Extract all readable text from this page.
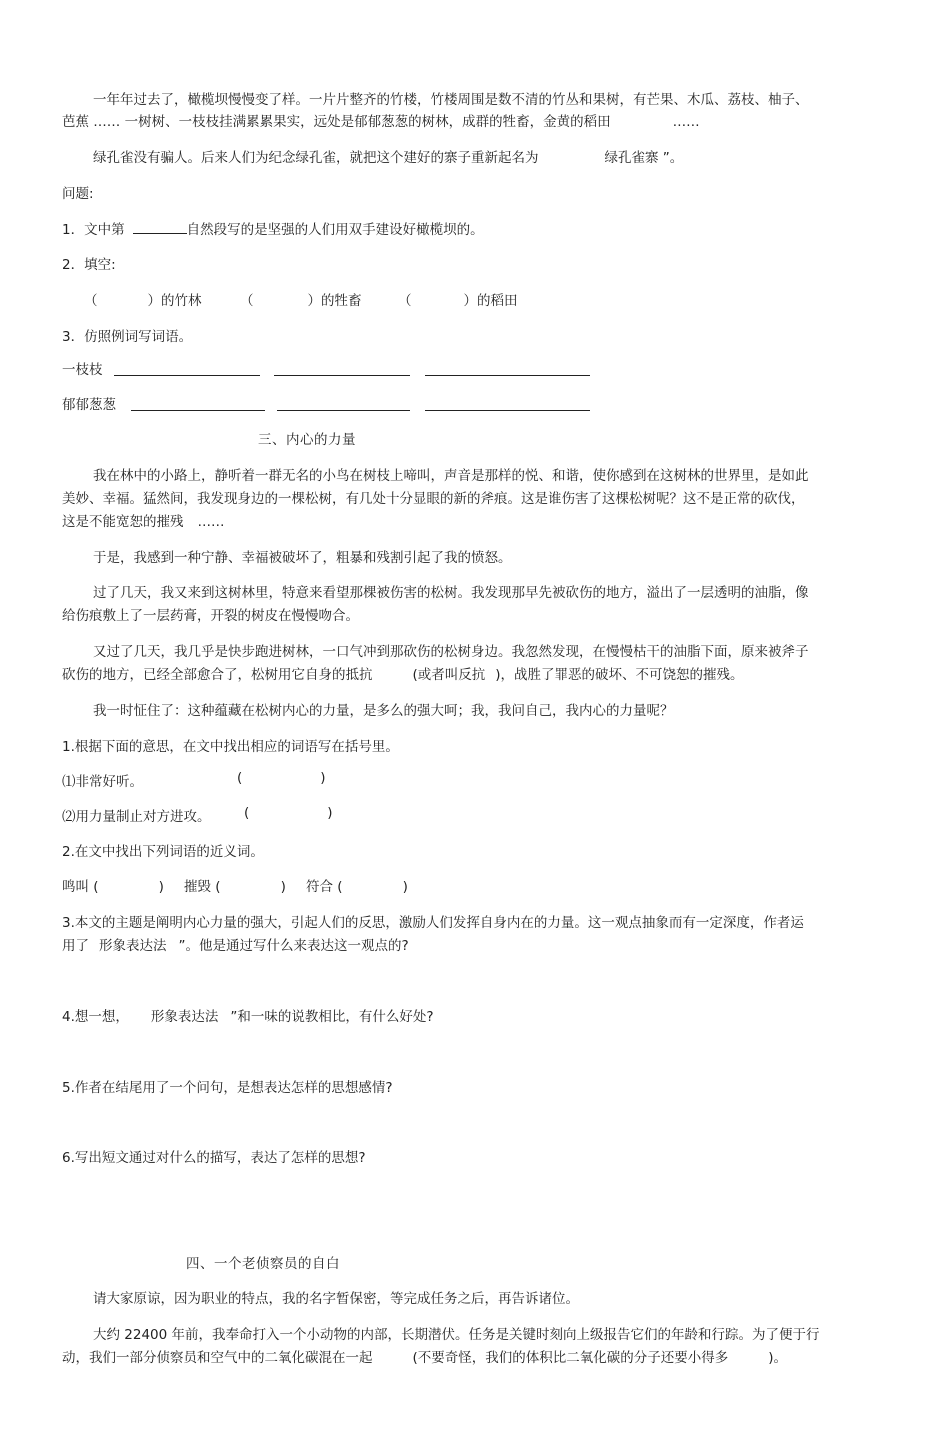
一年年过去了，橄榄坝慢慢变了样。一片片整齐的竹楼，竹楼周围是数不清的竹丛和果树，有芒果、木瓜、荔枝、柚子、
芭蕉 …… 一树树、一枝枝挂满累累果实，远处是郁郁葱葱的树林，成群的牲畜，金黄的稻田	……
绿孔雀没有骗人。后来人们为纪念绿孔雀，就把这个建好的寨子重新起名为	绿孔雀寨 ”。
问题:
1．文中第	自然段写的是坚强的人们用双手建设好橄榄坝的。
2．填空:
（	）的竹林	（	）的牲畜	（	）的稻田
3．仿照例词写词语。
一枝枝
郁郁葱葱
三、内心的力量
我在林中的小路上，静听着一群无名的小鸟在树枝上啼叫，声音是那样的悦、和谐，使你感到在这树林的世界里，是如此
美妙、幸福。猛然间，我发现身边的一棵松树，有几处十分显眼的新的斧痕。这是谁伤害了这棵松树呢？这不是正常的砍伐，
这是不能宽恕的摧残 ……
于是，我感到一种宁静、幸福被破坏了，粗暴和残割引起了我的愤怒。
过了几天，我又来到这树林里，特意来看望那棵被伤害的松树。我发现那早先被砍伤的地方，溢出了一层透明的油脂，像
给伤痕敷上了一层药膏，开裂的树皮在慢慢吻合。
又过了几天，我几乎是快步跑进树林，一口气冲到那砍伤的松树身边。我忽然发现，在慢慢枯干的油脂下面，原来被斧子
砍伤的地方，已经全部愈合了，松树用它自身的抵抗	(或者叫反抗 )，战胜了罪恶的破坏、不可饶恕的摧残。
我一时怔住了：这种蕴藏在松树内心的力量，是多么的强大呵；我，我问自己，我内心的力量呢？
1.根据下面的意思，在文中找出相应的词语写在括号里。
⑴非常好听。	(	)
⑵用力量制止对方进攻。 (	)
2.在文中找出下列词语的近义词。
鸣叫 (	) 摧毁 (	) 符合 (	)
3.本文的主题是阐明内心力量的强大，引起人们的反思，激励人们发挥自身内在的力量。这一观点抽象而有一定深度，作者运
用了 形象表达法 ”。他是通过写什么来表达这一观点的?
4.想一想， 形象表达法 ”和一味的说教相比，有什么好处?
5.作者在结尾用了一个问句，是想表达怎样的思想感情?
6.写出短文通过对什么的描写，表达了怎样的思想?
四、一个老侦察员的自白
请大家原谅，因为职业的特点，我的名字暂保密，等完成任务之后，再告诉诸位。
大约 22400 年前，我奉命打入一个小动物的内部，长期潜伏。任务是关键时刻向上级报告它们的年龄和行踪。为了便于行
动，我们一部分侦察员和空气中的二氧化碳混在一起	(不要奇怪，我们的体积比二氧化碳的分子还要小得多	)。
